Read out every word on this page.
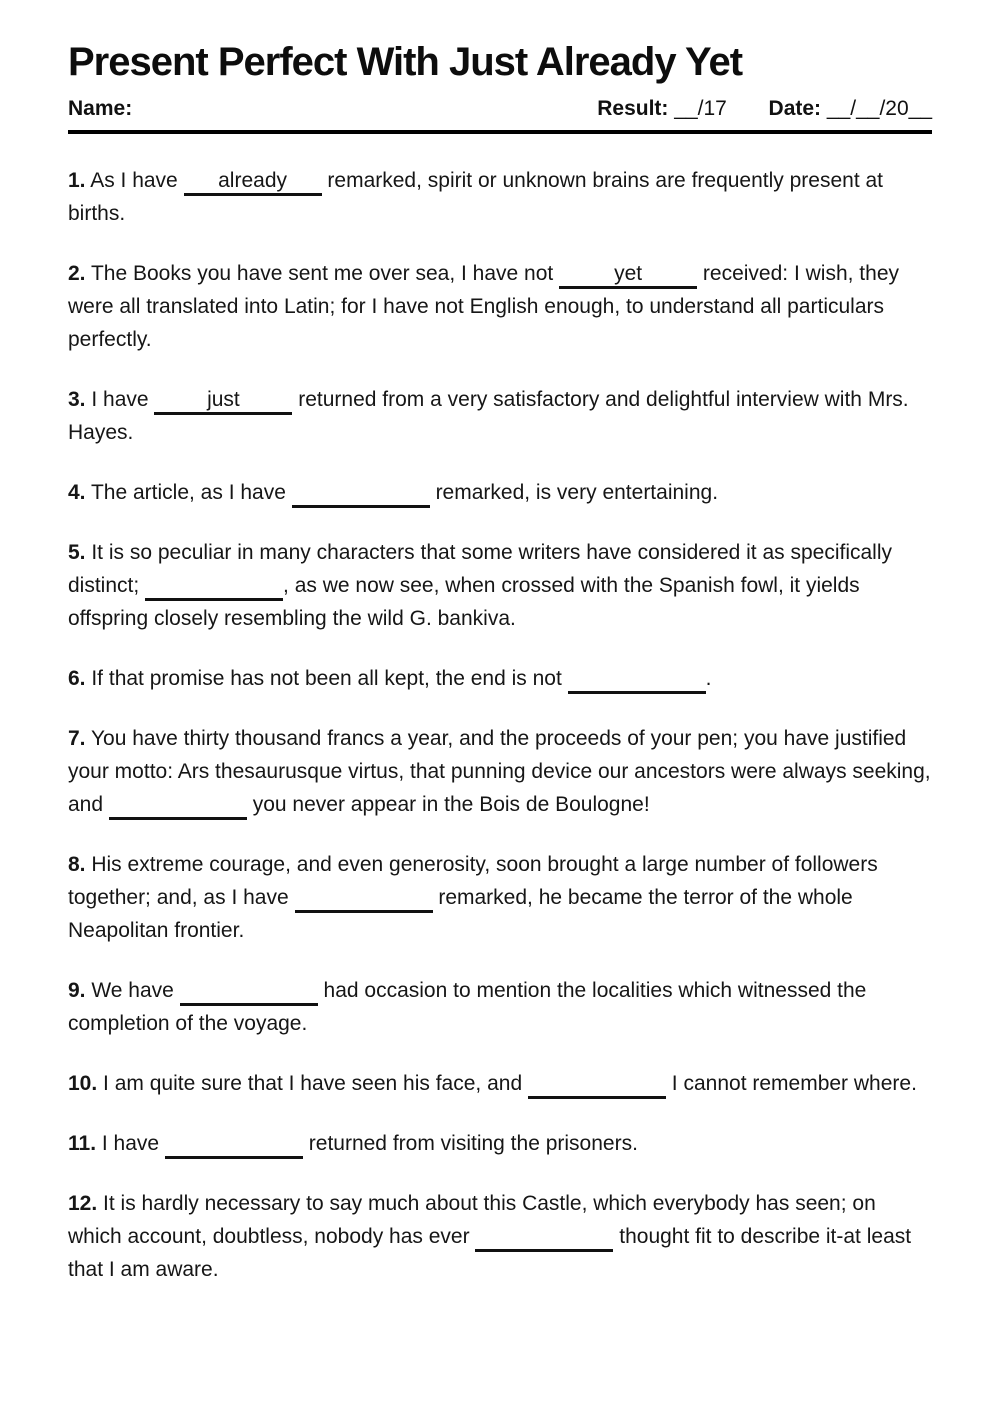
Present Perfect With Just Already Yet
Name:	Result: __/17 Date: __/__/20__

1. As I have already remarked, spirit or unknown brains are frequently present at births.

2. The Books you have sent me over sea, I have not	yet	received: I wish, they were all translated into Latin; for I have not English enough, to understand all particulars perfectly.

3. I have	just	returned from a very satisfactory and delightful interview with Mrs. Hayes.

4. The article, as I have	remarked, is very entertaining.

5. It is so peculiar in many characters that some writers have considered it as specifically distinct;	, as we now see, when crossed with the Spanish fowl, it yields offspring closely resembling the wild G. bankiva.

6. If that promise has not been all kept, the end is not	.

7. You have thirty thousand francs a year, and the proceeds of your pen; you have justified your motto: Ars thesaurusque virtus, that punning device our ancestors were always seeking, and	you never appear in the Bois de Boulogne!

8. His extreme courage, and even generosity, soon brought a large number of followers together; and, as I have	remarked, he became the terror of the whole Neapolitan frontier.

9. We have	had occasion to mention the localities which witnessed the completion of the voyage.

10. I am quite sure that I have seen his face, and	I cannot remember where.

11. I have	returned from visiting the prisoners.

12. It is hardly necessary to say much about this Castle, which everybody has seen; on which account, doubtless, nobody has ever	thought fit to describe it-at least that I am aware.
